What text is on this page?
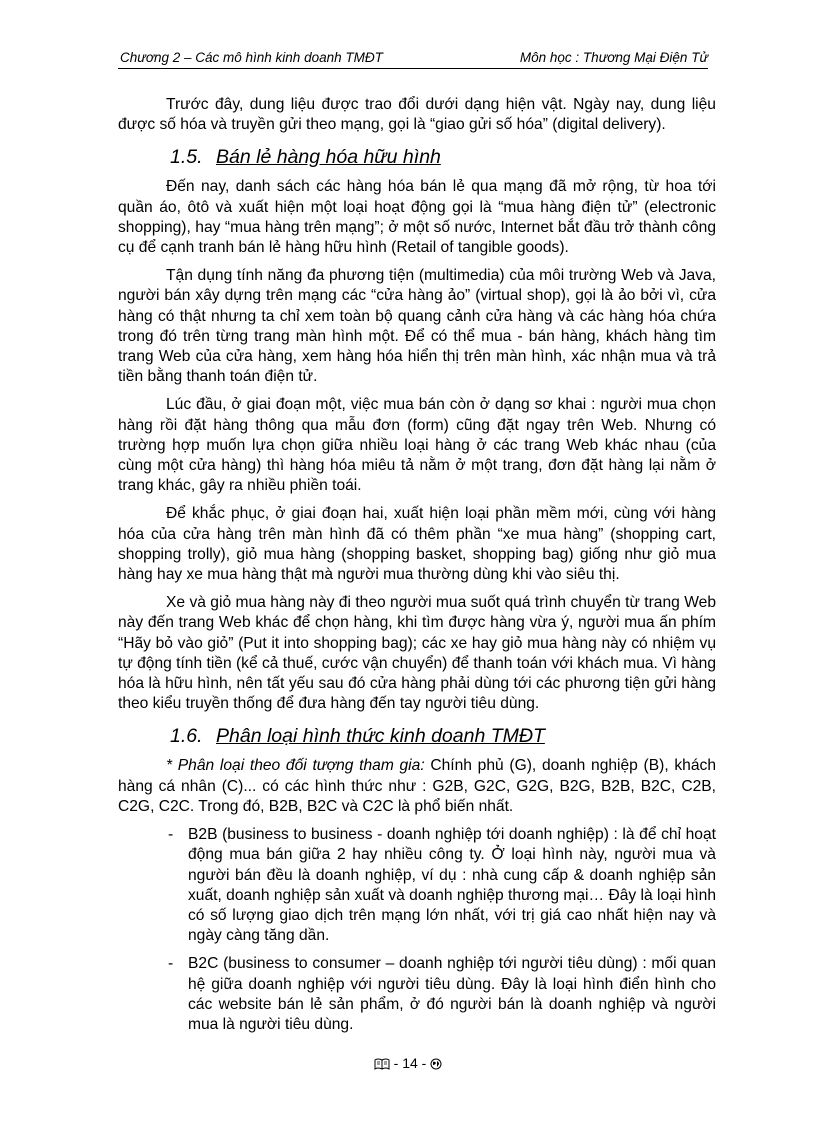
Chương 2 – Các mô hình kinh doanh TMĐT	Môn học : Thương Mại Điện Tử

Trước đây, dung liệu được trao đổi dưới dạng hiện vật. Ngày nay, dung liệu được số hóa và truyền gửi theo mạng, gọi là “giao gửi số hóa” (digital delivery).

1.5. Bán lẻ hàng hóa hữu hình

Đến nay, danh sách các hàng hóa bán lẻ qua mạng đã mở rộng, từ hoa tới quần áo, ôtô và xuất hiện một loại hoạt động gọi là “mua hàng điện tử” (electronic shopping), hay “mua hàng trên mạng”; ở một số nước, Internet bắt đầu trở thành công cụ để cạnh tranh bán lẻ hàng hữu hình (Retail of tangible goods).

Tận dụng tính năng đa phương tiện (multimedia) của môi trường Web và Java, người bán xây dựng trên mạng các “cửa hàng ảo” (virtual shop), gọi là ảo bởi vì, cửa hàng có thật nhưng ta chỉ xem toàn bộ quang cảnh cửa hàng và các hàng hóa chứa trong đó trên từng trang màn hình một. Để có thể mua - bán hàng, khách hàng tìm trang Web của cửa hàng, xem hàng hóa hiển thị trên màn hình, xác nhận mua và trả tiền bằng thanh toán điện tử.

Lúc đầu, ở giai đoạn một, việc mua bán còn ở dạng sơ khai : người mua chọn hàng rồi đặt hàng thông qua mẫu đơn (form) cũng đặt ngay trên Web. Nhưng có trường hợp muốn lựa chọn giữa nhiều loại hàng ở các trang Web khác nhau (của cùng một cửa hàng) thì hàng hóa miêu tả nằm ở một trang, đơn đặt hàng lại nằm ở trang khác, gây ra nhiều phiền toái.

Để khắc phục, ở giai đoạn hai, xuất hiện loại phần mềm mới, cùng với hàng hóa của cửa hàng trên màn hình đã có thêm phần “xe mua hàng” (shopping cart, shopping trolly), giỏ mua hàng (shopping basket, shopping bag) giống như giỏ mua hàng hay xe mua hàng thật mà người mua thường dùng khi vào siêu thị.

Xe và giỏ mua hàng này đi theo người mua suốt quá trình chuyển từ trang Web này đến trang Web khác để chọn hàng, khi tìm được hàng vừa ý, người mua ấn phím “Hãy bỏ vào giỏ” (Put it into shopping bag); các xe hay giỏ mua hàng này có nhiệm vụ tự động tính tiền (kể cả thuế, cước vận chuyển) để thanh toán với khách mua. Vì hàng hóa là hữu hình, nên tất yếu sau đó cửa hàng phải dùng tới các phương tiện gửi hàng theo kiểu truyền thống để đưa hàng đến tay người tiêu dùng.

1.6. Phân loại hình thức kinh doanh TMĐT

* Phân loại theo đối tượng tham gia: Chính phủ (G), doanh nghiệp (B), khách hàng cá nhân (C)... có các hình thức như : G2B, G2C, G2G, B2G, B2B, B2C, C2B, C2G, C2C. Trong đó, B2B, B2C và C2C là phổ biến nhất.

- B2B (business to business - doanh nghiệp tới doanh nghiệp) : là để chỉ hoạt động mua bán giữa 2 hay nhiều công ty. Ở loại hình này, người mua và người bán đều là doanh nghiệp, ví dụ : nhà cung cấp & doanh nghiệp sản xuất, doanh nghiệp sản xuất và doanh nghiệp thương mại… Đây là loại hình có số lượng giao dịch trên mạng lớn nhất, với trị giá cao nhất hiện nay và ngày càng tăng dần.
- B2C (business to consumer – doanh nghiệp tới người tiêu dùng) : mối quan hệ giữa doanh nghiệp với người tiêu dùng. Đây là loại hình điển hình cho các website bán lẻ sản phẩm, ở đó người bán là doanh nghiệp và người mua là người tiêu dùng.
- 14 -
